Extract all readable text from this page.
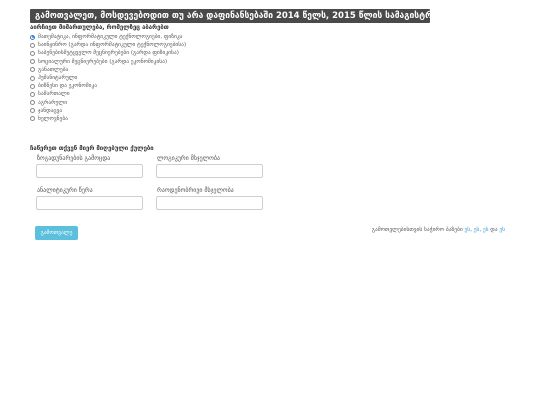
გამოთვალეთ, მოსდევებოდით თუ არა დაფინანსებაში 2014 წელს, 2015 წლის სამაგისტრო გამოცდის ქულებით
აირჩიეთ მიმართულება, რომელზეც აბარებთ
მათემატიკა, ინფორმატიკული ტექნოლოგიები, ფიზიკა
საინჟინრო (გარდა ინფორმატიკული ტექნოლოგიებისა)
საბუნებისმეტყველო მეცნიერებები (გარდა ფიზიკისა)
სოციალური მეცნიერებები (გარდა ეკონომიკისა)
განათლება
ჰუმანიტარული
ბიზნესი და ეკონომიკა
სამართალი
აგრარული
ჯანდაცვა
ხელოვნება
ჩაწერეთ თქვენ მიერ მიღებული ქულები
ზოგადუნარების გამოცდა	ლოგიკური მსჯელობა
ანალიტიკური წერა	რაოდენობრივი მსჯელობა
გამოთვალე	გამოთვლებისთვის საჭირო ბაზები ეს, ეს, ეს და ეს
